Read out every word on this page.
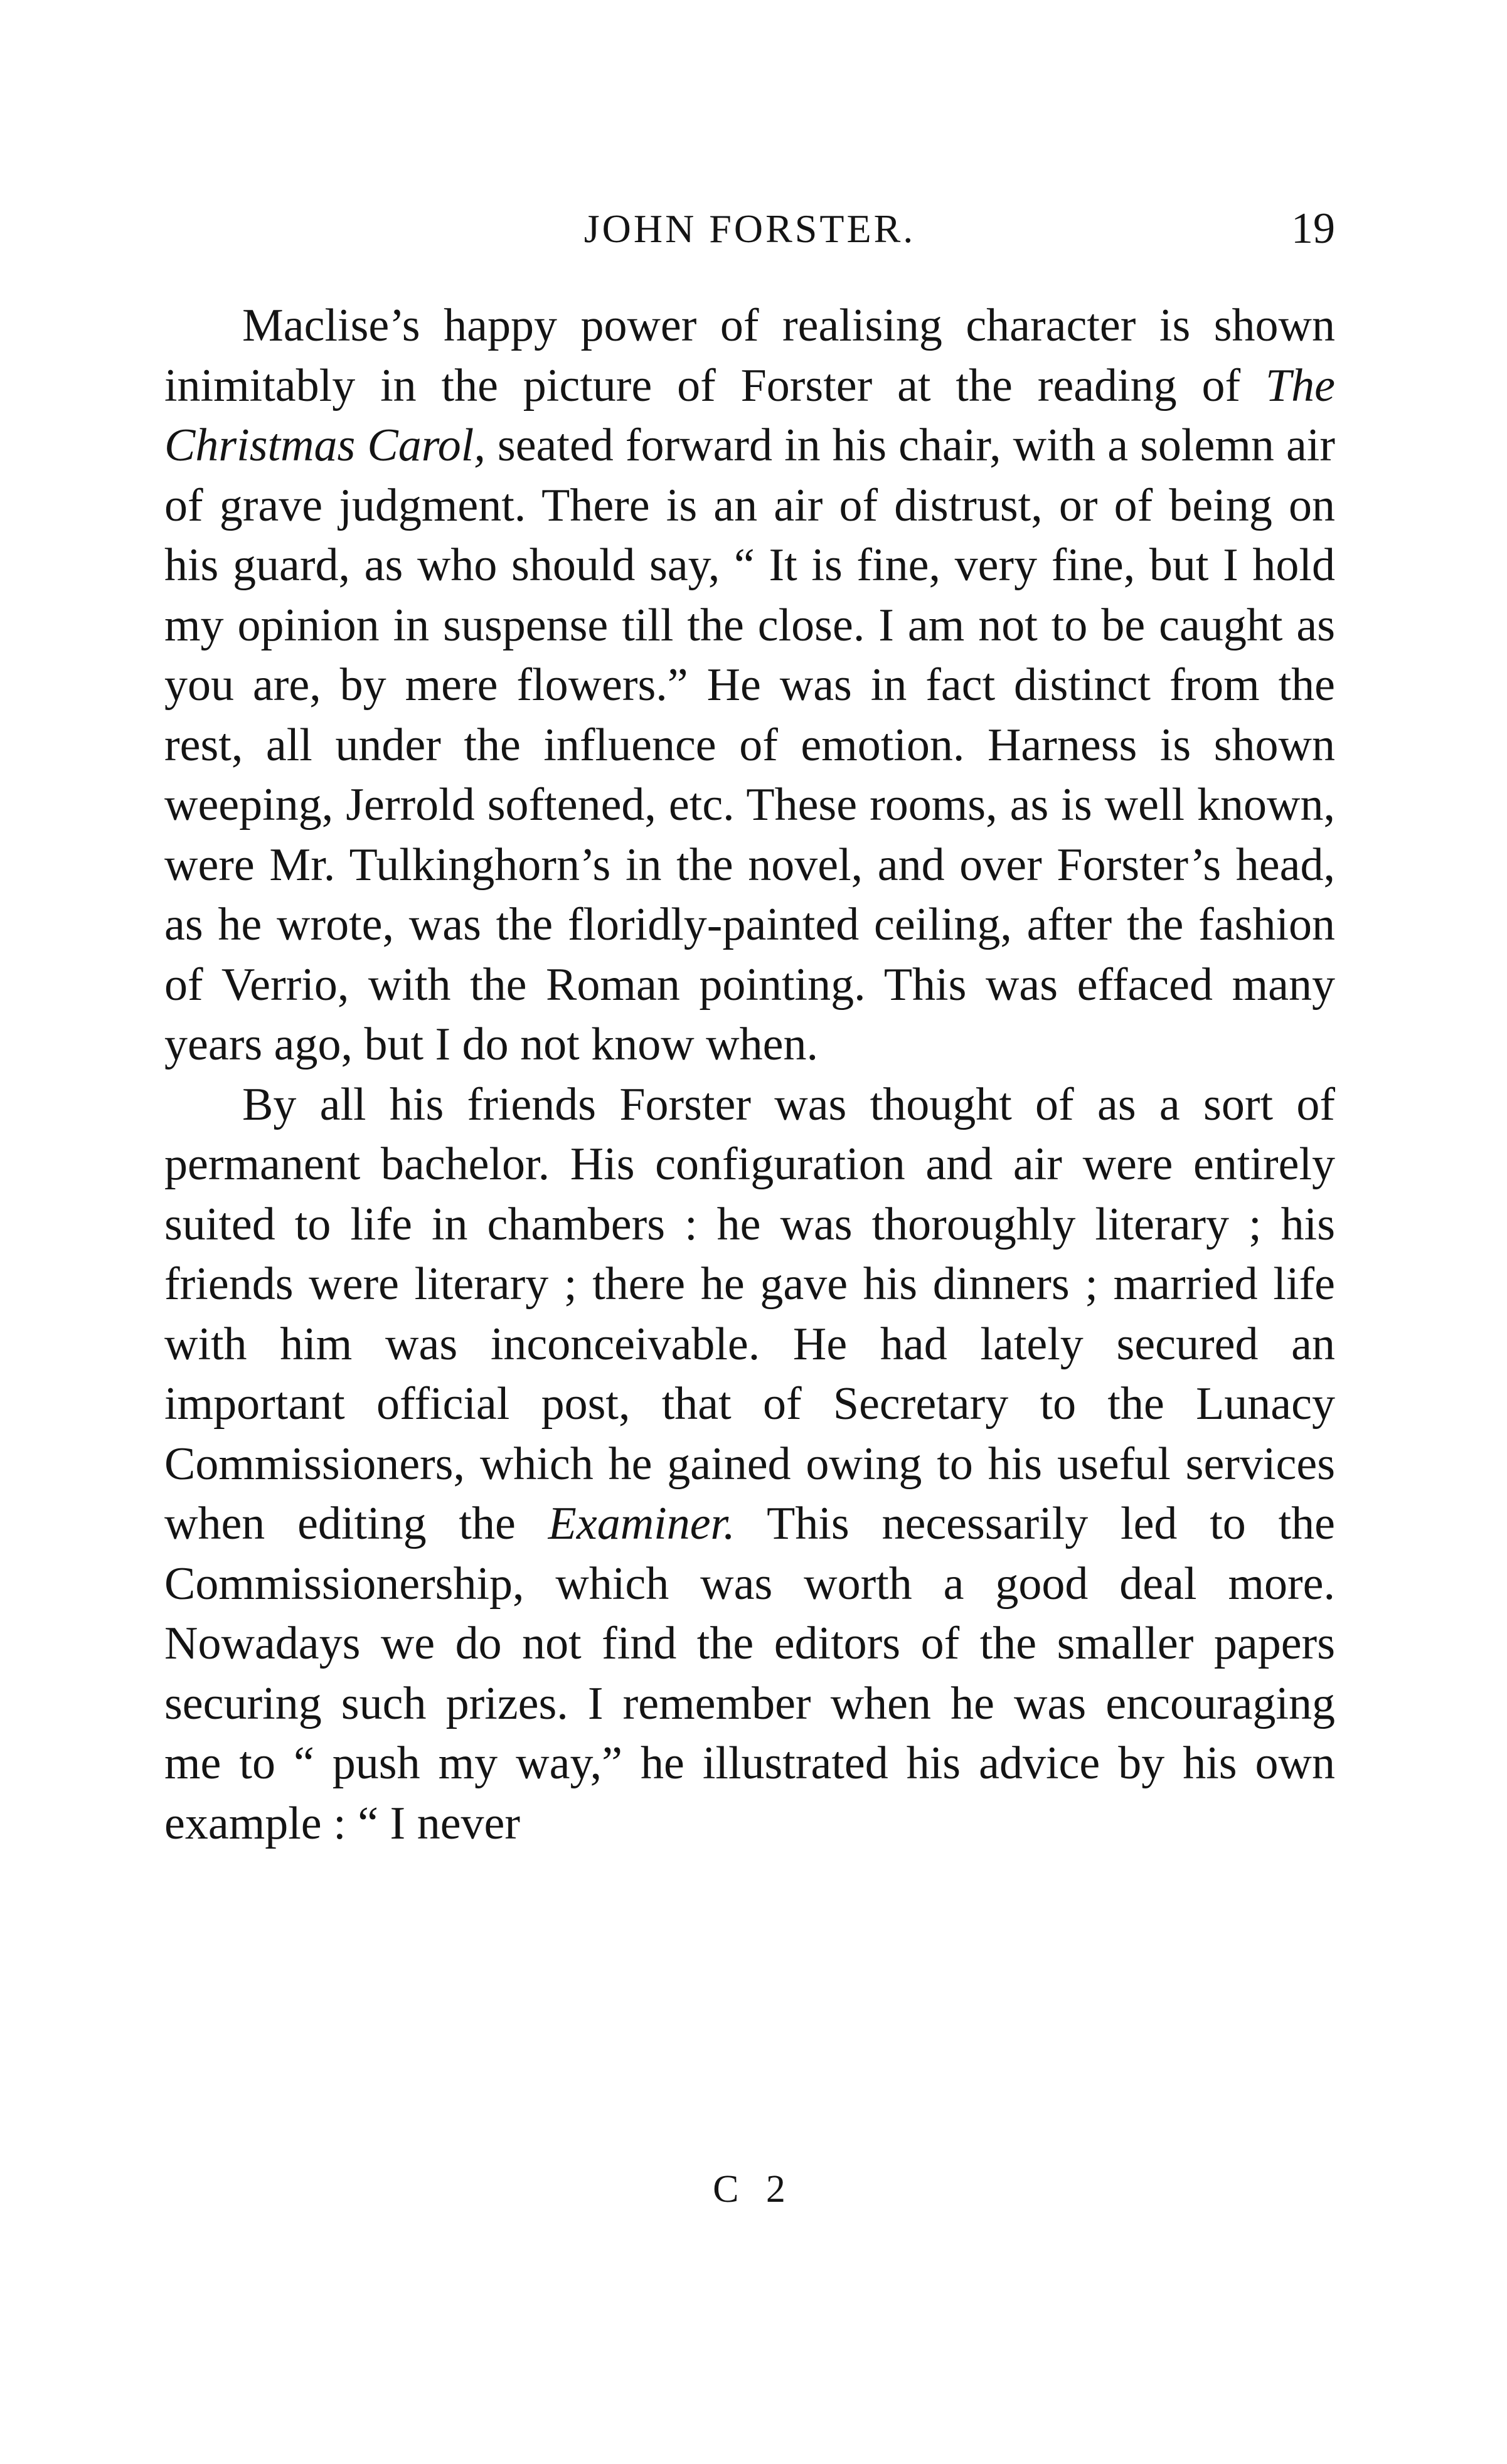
JOHN FORSTER.	19

Maclise’s happy power of realising character is shown inimitably in the picture of Forster at the reading of The Christmas Carol, seated forward in his chair, with a solemn air of grave judgment. There is an air of distrust, or of being on his guard, as who should say, “ It is fine, very fine, but I hold my opinion in suspense till the close. I am not to be caught as you are, by mere flowers.” He was in fact distinct from the rest, all under the influence of emotion. Harness is shown weeping, Jerrold softened, etc. These rooms, as is well known, were Mr. Tulkinghorn’s in the novel, and over Forster’s head, as he wrote, was the floridly-painted ceiling, after the fashion of Verrio, with the Roman pointing. This was effaced many years ago, but I do not know when.

By all his friends Forster was thought of as a sort of permanent bachelor. His configuration and air were entirely suited to life in chambers : he was thoroughly literary ; his friends were literary ; there he gave his dinners ; married life with him was inconceivable. He had lately secured an important official post, that of Secretary to the Lunacy Commissioners, which he gained owing to his useful services when editing the Examiner. This necessarily led to the Commissionership, which was worth a good deal more. Nowadays we do not find the editors of the smaller papers securing such prizes. I remember when he was encouraging me to “ push my way,” he illustrated his advice by his own example : “ I never

C 2
